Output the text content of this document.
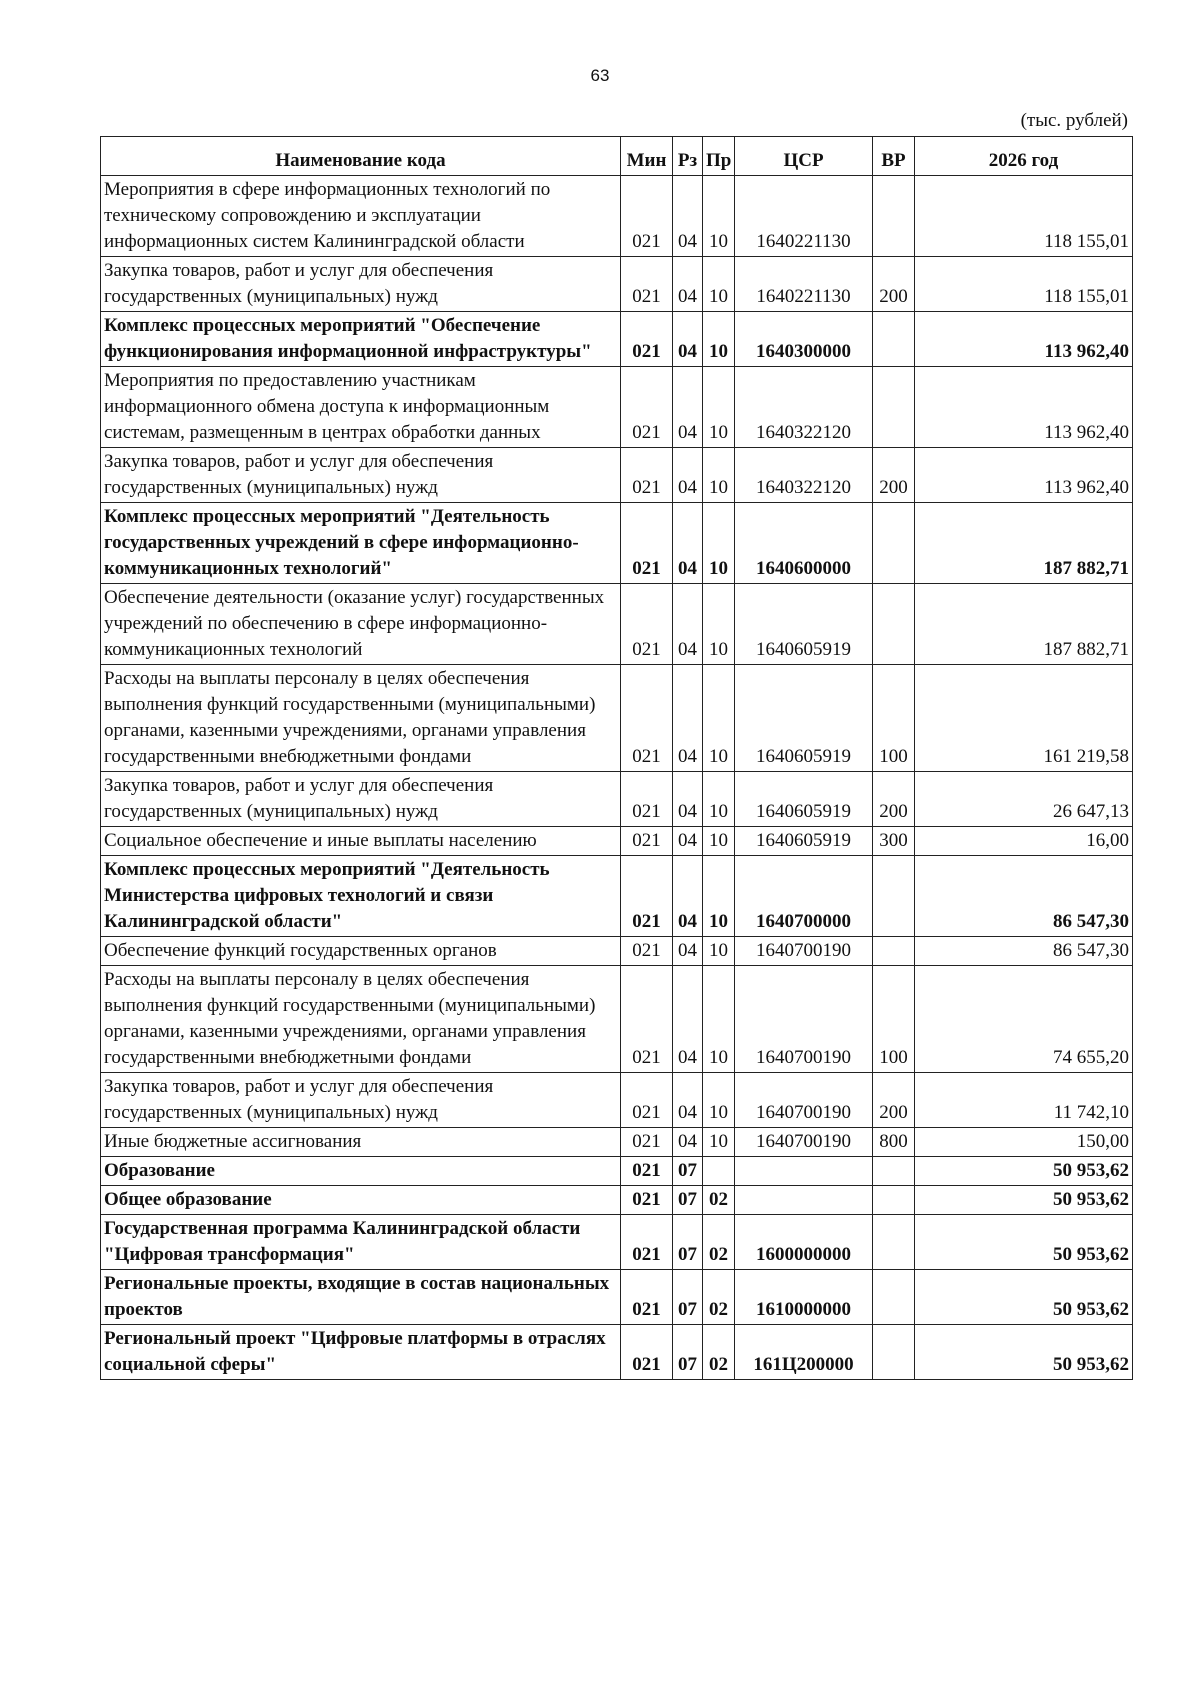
63
(тыс. рублей)
Наименование кода	Мин	Рз	Пр	ЦСР	ВР	2026 год
Мероприятия в сфере информационных технологий по техническому сопровождению и эксплуатации информационных систем Калининградской области	021	04	10	1640221130		118 155,01
Закупка товаров, работ и услуг для обеспечения государственных (муниципальных) нужд	021	04	10	1640221130	200	118 155,01
Комплекс процессных мероприятий "Обеспечение функционирования информационной инфраструктуры"	021	04	10	1640300000		113 962,40
Мероприятия по предоставлению участникам информационного обмена доступа к информационным системам, размещенным в центрах обработки данных	021	04	10	1640322120		113 962,40
Закупка товаров, работ и услуг для обеспечения государственных (муниципальных) нужд	021	04	10	1640322120	200	113 962,40
Комплекс процессных мероприятий "Деятельность государственных учреждений в сфере информационно-коммуникационных технологий"	021	04	10	1640600000		187 882,71
Обеспечение деятельности (оказание услуг) государственных учреждений по обеспечению в сфере информационно-коммуникационных технологий	021	04	10	1640605919		187 882,71
Расходы на выплаты персоналу в целях обеспечения выполнения функций государственными (муниципальными) органами, казенными учреждениями, органами управления государственными внебюджетными фондами	021	04	10	1640605919	100	161 219,58
Закупка товаров, работ и услуг для обеспечения государственных (муниципальных) нужд	021	04	10	1640605919	200	26 647,13
Социальное обеспечение и иные выплаты населению	021	04	10	1640605919	300	16,00
Комплекс процессных мероприятий "Деятельность Министерства цифровых технологий и связи Калининградской области"	021	04	10	1640700000		86 547,30
Обеспечение функций государственных органов	021	04	10	1640700190		86 547,30
Расходы на выплаты персоналу в целях обеспечения выполнения функций государственными (муниципальными) органами, казенными учреждениями, органами управления государственными внебюджетными фондами	021	04	10	1640700190	100	74 655,20
Закупка товаров, работ и услуг для обеспечения государственных (муниципальных) нужд	021	04	10	1640700190	200	11 742,10
Иные бюджетные ассигнования	021	04	10	1640700190	800	150,00
Образование	021	07				50 953,62
Общее образование	021	07	02			50 953,62
Государственная программа Калининградской области "Цифровая трансформация"	021	07	02	1600000000		50 953,62
Региональные проекты, входящие в состав национальных проектов	021	07	02	1610000000		50 953,62
Региональный проект "Цифровые платформы в отраслях социальной сферы"	021	07	02	161Ц200000		50 953,62
